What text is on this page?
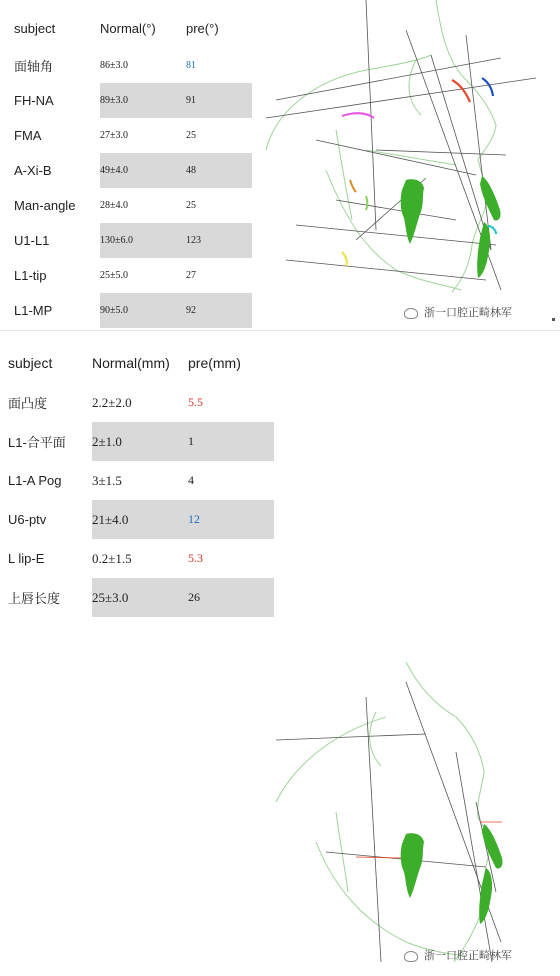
subject	Normal(°)	pre(°)
面轴角	86±3.0	81
FH-NA	89±3.0	91
FMA	27±3.0	25
A-Xi-B	49±4.0	48
Man-angle	28±4.0	25
U1-L1	130±6.0	123
L1-tip	25±5.0	27
L1-MP	90±5.0	92	浙一口腔正畸林军
subject	Normal(mm)	pre(mm)
面凸度	2.2±2.0	5.5
L1-合平面	2±1.0	1
L1-A Pog	3±1.5	4
U6-ptv	21±4.0	12
L lip-E	0.2±1.5	5.3
上唇长度	25±3.0	26
浙一口腔正畸林军
